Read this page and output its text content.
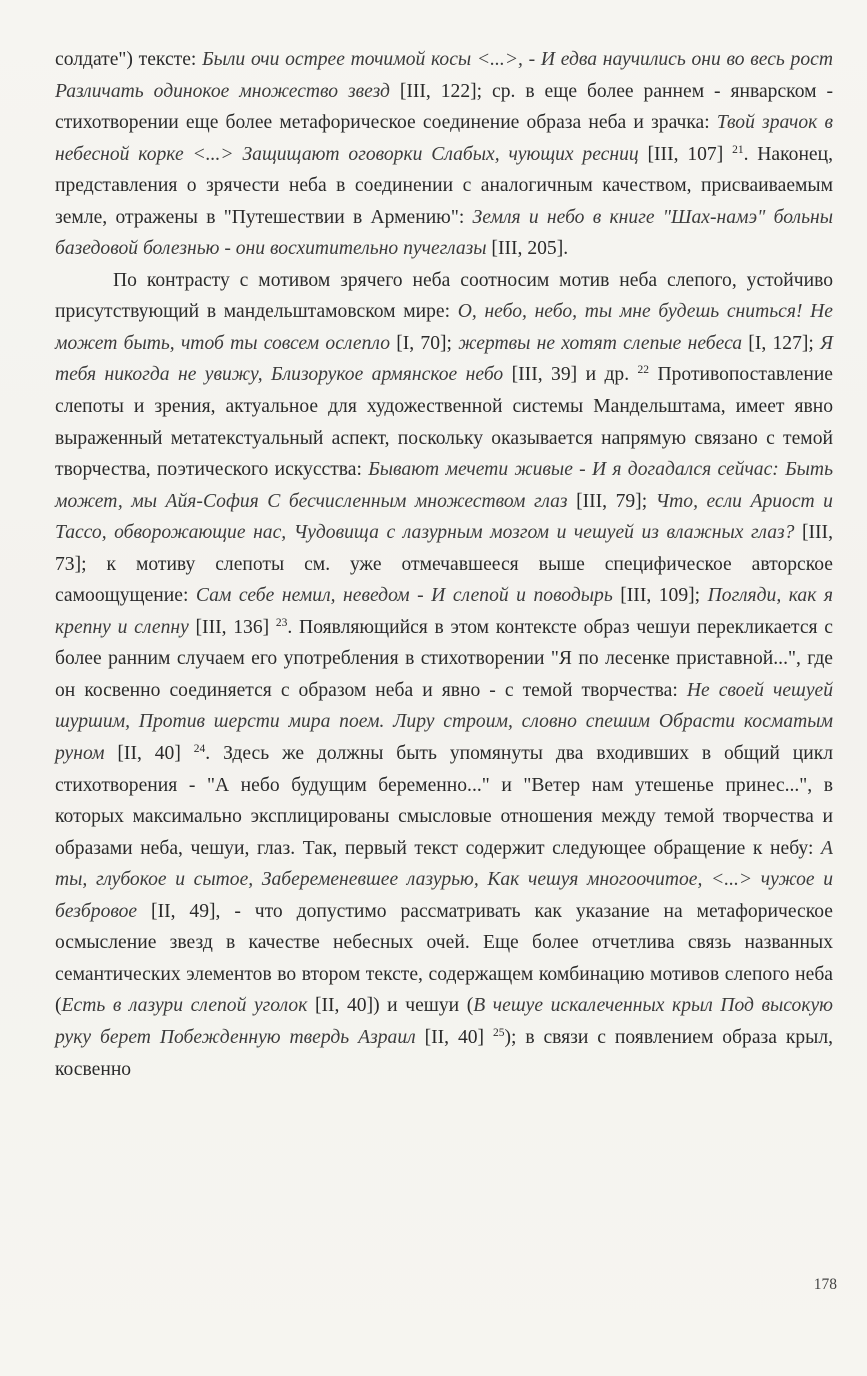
солдате") тексте: Были очи острее точимой косы <...>, - И едва научились они во весь рост Различать одинокое множество звезд [III, 122]; ср. в еще более раннем - январском - стихотворении еще более метафорическое соединение образа неба и зрачка: Твой зрачок в небесной корке <...> Защищают оговорки Слабых, чующих ресниц [III, 107] $^{21}$. Наконец, представления о зрячести неба в соединении с аналогичным качеством, присваиваемым земле, отражены в "Путешествии в Армению": Земля и небо в книге "Шах-намэ" больны базедовой болезнью - они восхитительно пучеглазы [III, 205].

По контрасту с мотивом зрячего неба соотносим мотив неба слепого, устойчиво присутствующий в мандельштамовском мире: О, небо, небо, ты мне будешь сниться! Не может быть, чтоб ты совсем ослепло [I, 70]; жертвы не хотят слепые небеса [I, 127]; Я тебя никогда не увижу, Близорукое армянское небо [III, 39] и др. $^{22}$ Противопоставление слепоты и зрения, актуальное для художественной системы Мандельштама, имеет явно выраженный метатекстуальный аспект, поскольку оказывается напрямую связано с темой творчества, поэтического искусства: Бывают мечети живые - И я догадался сейчас: Быть может, мы Айя-София С бесчисленным множеством глаз [III, 79]; Что, если Ариост и Тассо, обворожающие нас, Чудовища с лазурным мозгом и чешуей из влажных глаз? [III, 73]; к мотиву слепоты см. уже отмечавшееся выше специфическое авторское самоощущение: Сам себе немил, неведом - И слепой и поводырь [III, 109]; Погляди, как я крепну и слепну [III, 136] $^{23}$. Появляющийся в этом контексте образ чешуи перекликается с более ранним случаем его употребления в стихотворении "Я по лесенке приставной...", где он косвенно соединяется с образом неба и явно - с темой творчества: Не своей чешуей шуршим, Против шерсти мира поем. Лиру строим, словно спешим Обрасти косматым руном [II, 40] $^{24}$. Здесь же должны быть упомянуты два входивших в общий цикл стихотворения - "А небо будущим беременно..." и "Ветер нам утешенье принес...", в которых максимально эксплицированы смысловые отношения между темой творчества и образами неба, чешуи, глаз. Так, первый текст содержит следующее обращение к небу: А ты, глубокое и сытое, Забеременевшее лазурью, Как чешуя многоочитое, <...> чужое и безбровое [II, 49], - что допустимо рассматривать как указание на метафорическое осмысление звезд в качестве небесных очей. Еще более отчетлива связь названных семантических элементов во втором тексте, содержащем комбинацию мотивов слепого неба (Есть в лазури слепой уголок [II, 40]) и чешуи (В чешуе искалеченных крыл Под высокую руку берет Побежденную твердь Азраил [II, 40] $^{25}$); в связи с появлением образа крыл, косвенно

178
